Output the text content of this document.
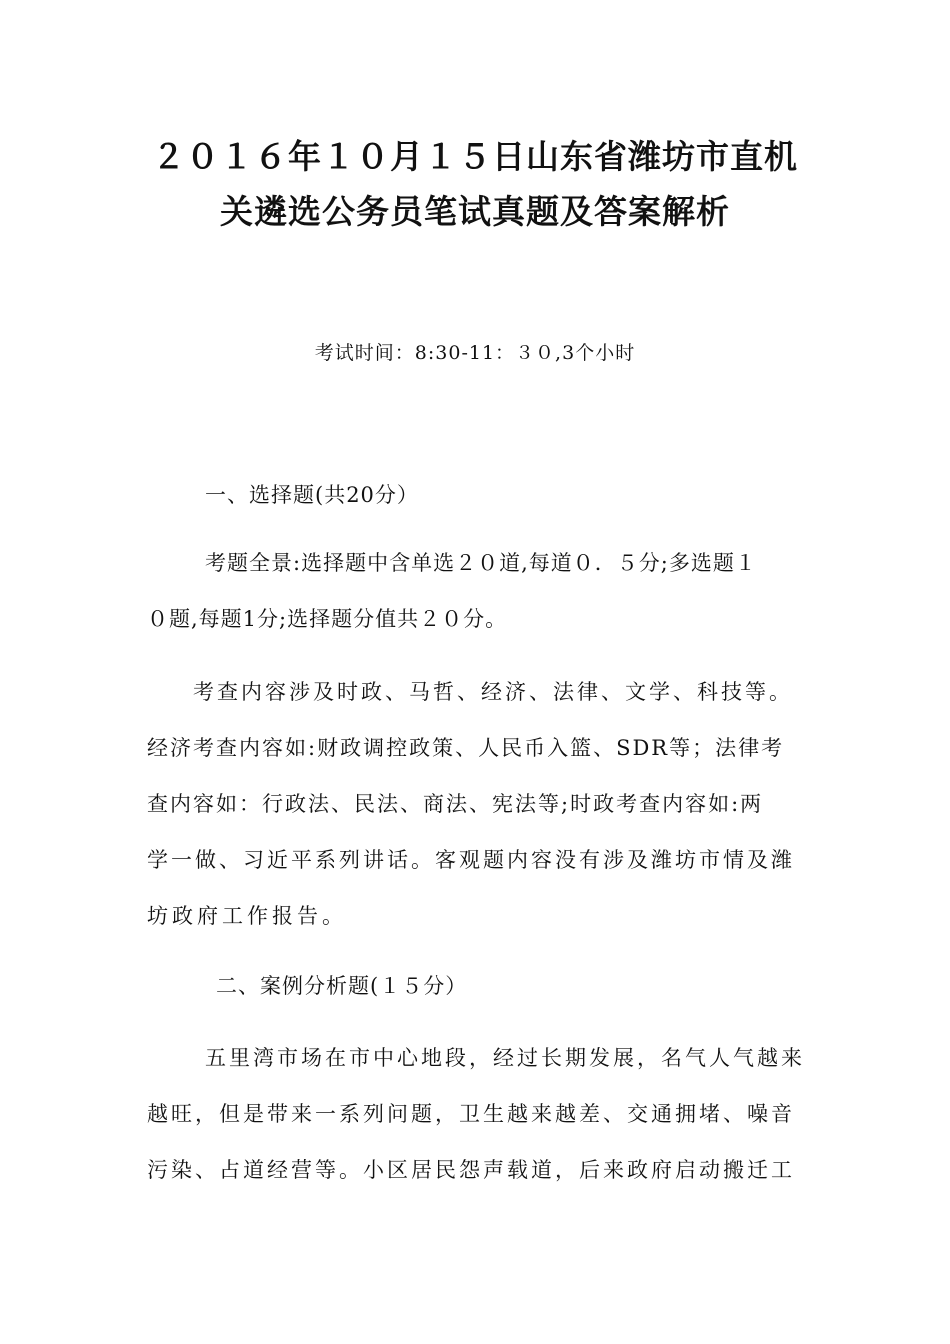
２０１６年１０月１５日山东省潍坊市直机
关遴选公务员笔试真题及答案解析
考试时间：8:30-11：３０,3个小时
一、选择题(共20分）
考题全景:选择题中含单选２０道,每道０．５分;多选题１
０题,每题1分;选择题分值共２０分。
考查内容涉及时政、马哲、经济、法律、文学、科技等。
经济考查内容如:财政调控政策、人民币入篮、SDR等；法律考
查内容如：行政法、民法、商法、宪法等;时政考查内容如:两
学一做、习近平系列讲话。客观题内容没有涉及潍坊市情及潍
坊政府工作报告。
二、案例分析题(１５分）
五里湾市场在市中心地段，经过长期发展，名气人气越来
越旺，但是带来一系列问题，卫生越来越差、交通拥堵、噪音
污染、占道经营等。小区居民怨声载道，后来政府启动搬迁工
